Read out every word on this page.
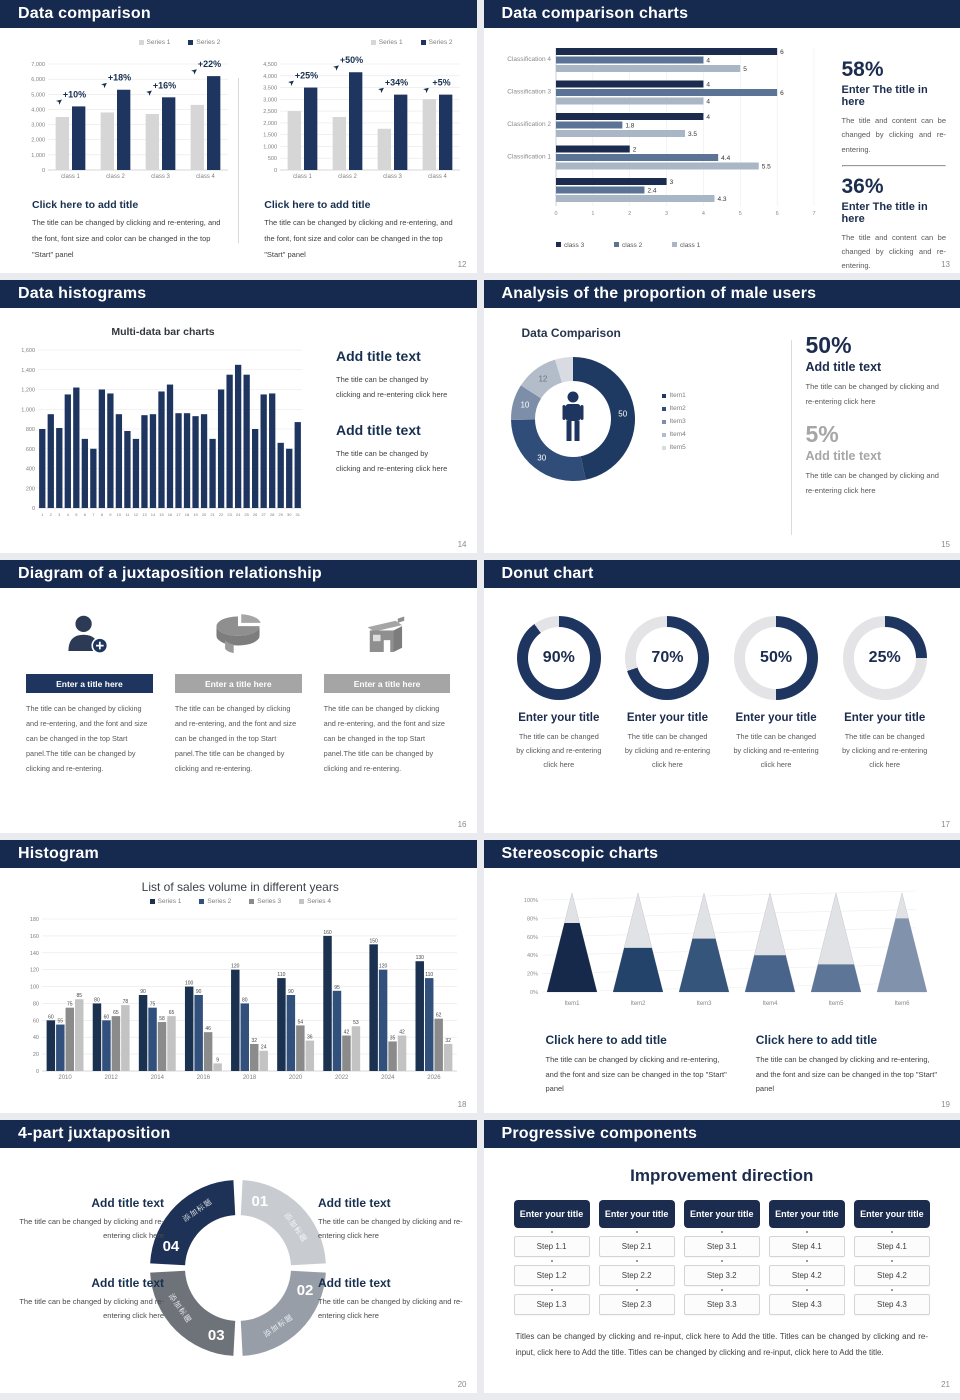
Data comparison
Series 1	Series 2
0
1,000
2,000
3,000
4,000
5,000
6,000
7,000
class 1
+10%
➤
class 2
+18%
➤
class 3
+16%
➤
class 4
+22%
➤
Click here to add title

The title can be changed by clicking and re-entering, and the font, font size and color can be changed in the top "Start" panel

Series 1	Series 2
0
500
1,000
1,500
2,000
2,500
3,000
3,500
4,000
4,500
class 1
+25%
➤
class 2
+50%
➤
class 3
+34%
➤
class 4
+5%
➤
Click here to add title

The title can be changed by clicking and re-entering, and the font, font size and color can be changed in the top "Start" panel

12
Data comparison charts
0	1	2	3	4	5	6	7
6
4
5
Classification 4
4
6
4
Classification 3
4
1.8
3.5
Classification 2
2
4.4
5.5
Classification 1
3
2.4
4.3
class 3	class 2	class 1
58%
Enter The title in here

The title and content can be changed by clicking and re-entering.

36%
Enter The title in here

The title and content can be changed by clicking and re-entering.	13
Data histograms
Multi-data bar charts
0
200
400
600
800
1,000
1,200
1,400
1,600
1 2 3 4 5 6 7 8 9 10 11 12 13 14 15 16 17 18 19 20 21 22 23 24 25 26 27 28 29 30 31
Add title text

The title can be changed by clicking and re-entering click here

Add title text

The title can be changed by clicking and re-entering click here

14
Analysis of the proportion of male users
Data Comparison
50
30
10
12
Item1
Item2
Item3
Item4
Item5
50%
Add title text

The title can be changed by clicking and re-entering click here

5%
Add title text

The title can be changed by clicking and re-entering click here

15
Diagram of a juxtaposition relationship
Enter a title here

The title can be changed by clicking and re-entering, and the font and size can be changed in the top Start panel.The title can be changed by clicking and re-entering.

Enter a title here

The title can be changed by clicking and re-entering, and the font and size can be changed in the top Start panel.The title can be changed by clicking and re-entering.

Enter a title here

The title can be changed by clicking and re-entering, and the font and size can be changed in the top Start panel.The title can be changed by clicking and re-entering.

16
Donut chart
90%
Enter your title

The title can be changed by clicking and re-entering click here

70%
Enter your title

The title can be changed by clicking and re-entering click here

50%
Enter your title

The title can be changed by clicking and re-entering click here

25%
Enter your title

The title can be changed by clicking and re-entering click here

17
Histogram
List of sales volume in different years
Series 1	Series 2	Series 3	Series 4
0
20
40
60
80
100
120
140
160
180
60
55
75
85
2010
80
60
65
78
2012
90
75
58
65
2014
100
90
46
9
2016
120
80
32
24
2018
110
90
54
36
2020
160
95
42
53
2022
150
120
35
42
2024
130
110
62
32
2026
18
Stereoscopic charts
0%
20%
40%
60%
80%
100%
Item1	Item2	Item3	Item4	Item5	Item6
Click here to add title

The title can be changed by clicking and re-entering, and the font and size can be changed in the top "Start" panel

Click here to add title

The title can be changed by clicking and re-entering, and the font and size can be changed in the top "Start" panel

19
4-part juxtaposition
01
添加标题
02
添加标题
03
添加标题
04
添加标题
Add title text

The title can be changed by clicking and re-entering click here

Add title text

The title can be changed by clicking and re-entering click here

Add title text

The title can be changed by clicking and re-entering click here

Add title text

The title can be changed by clicking and re-entering click here

20
Progressive components
Improvement direction
Enter your title
Step 1.1
Step 1.2
Step 1.3
Enter your title
Step 2.1
Step 2.2
Step 2.3
Enter your title
Step 3.1
Step 3.2
Step 3.3
Enter your title
Step 4.1
Step 4.2
Step 4.3
Enter your title
Step 4.1
Step 4.2
Step 4.3

Titles can be changed by clicking and re-input, click here to Add the title. Titles can be changed by clicking and re-input, click here to Add the title. Titles can be changed by clicking and re-input, click here to Add the title.

21
